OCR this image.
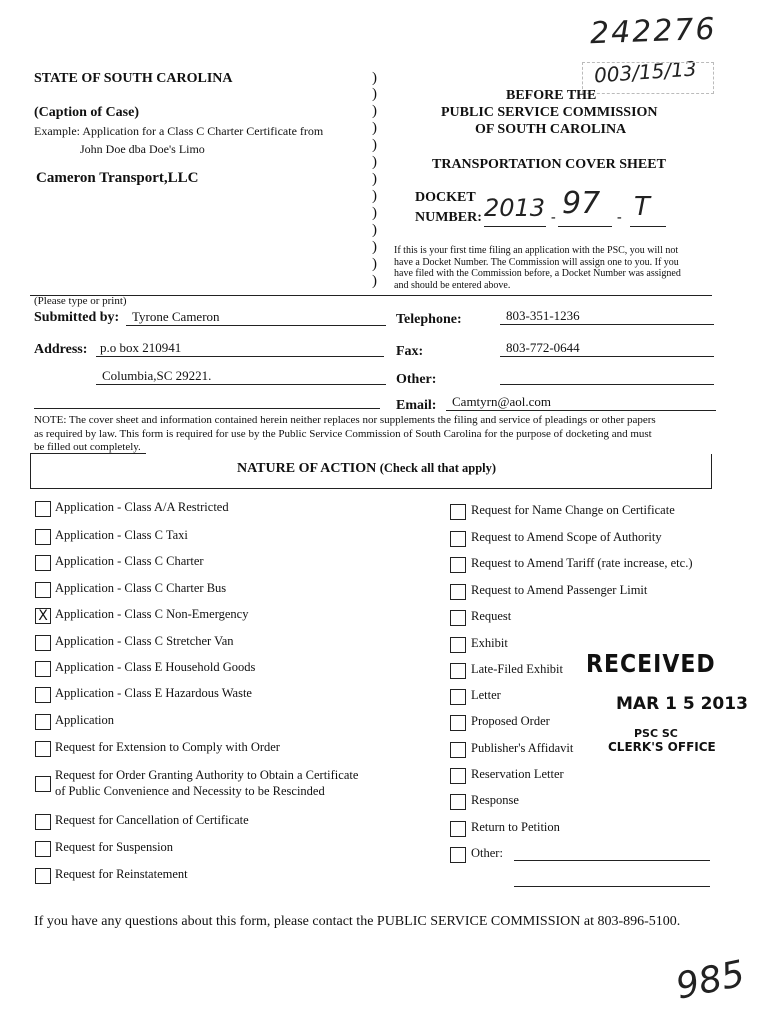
242276
003/15/13
STATE OF SOUTH CAROLINA
(Caption of Case)
Example: Application for a Class C Charter Certificate from
John Doe dba Doe's Limo
Cameron Transport,LLC
)
)
)
)
)
)
)
)
)
)
)
)
)
BEFORE THE
PUBLIC SERVICE COMMISSION
OF SOUTH CAROLINA
TRANSPORTATION COVER SHEET
DOCKET
NUMBER: 2013 - 97 - T
If this is your first time filing an application with the PSC, you will not
have a Docket Number. The Commission will assign one to you. If you
have filed with the Commission before, a Docket Number was assigned
and should be entered above.
(Please type or print)
Submitted by: Tyrone Cameron
Address: p.o box 210941
Columbia,SC 29221.
Telephone:	803-351-1236
Fax:	803-772-0644
Other:
Email:	Camtyrn@aol.com
NOTE: The cover sheet and information contained herein neither replaces nor supplements the filing and service of pleadings or other papers
as required by law. This form is required for use by the Public Service Commission of South Carolina for the purpose of docketing and must
be filled out completely.
NATURE OF ACTION (Check all that apply)
Application - Class A/A Restricted
Application - Class C Taxi
Application - Class C Charter
Application - Class C Charter Bus
X Application - Class C Non-Emergency
Application - Class C Stretcher Van
Application - Class E Household Goods
Application - Class E Hazardous Waste
Application
Request for Extension to Comply with Order
Request for Order Granting Authority to Obtain a Certificate
of Public Convenience and Necessity to be Rescinded
Request for Cancellation of Certificate
Request for Suspension
Request for Reinstatement
Request for Name Change on Certificate
Request to Amend Scope of Authority
Request to Amend Tariff (rate increase, etc.)
Request to Amend Passenger Limit
Request
Exhibit
Late-Filed Exhibit
Letter
Proposed Order
Publisher's Affidavit
Reservation Letter
Response
Return to Petition
Other:
RECEIVED
MAR 1 5 2013
PSC SC
CLERK'S OFFICE
If you have any questions about this form, please contact the PUBLIC SERVICE COMMISSION at 803-896-5100.
985
